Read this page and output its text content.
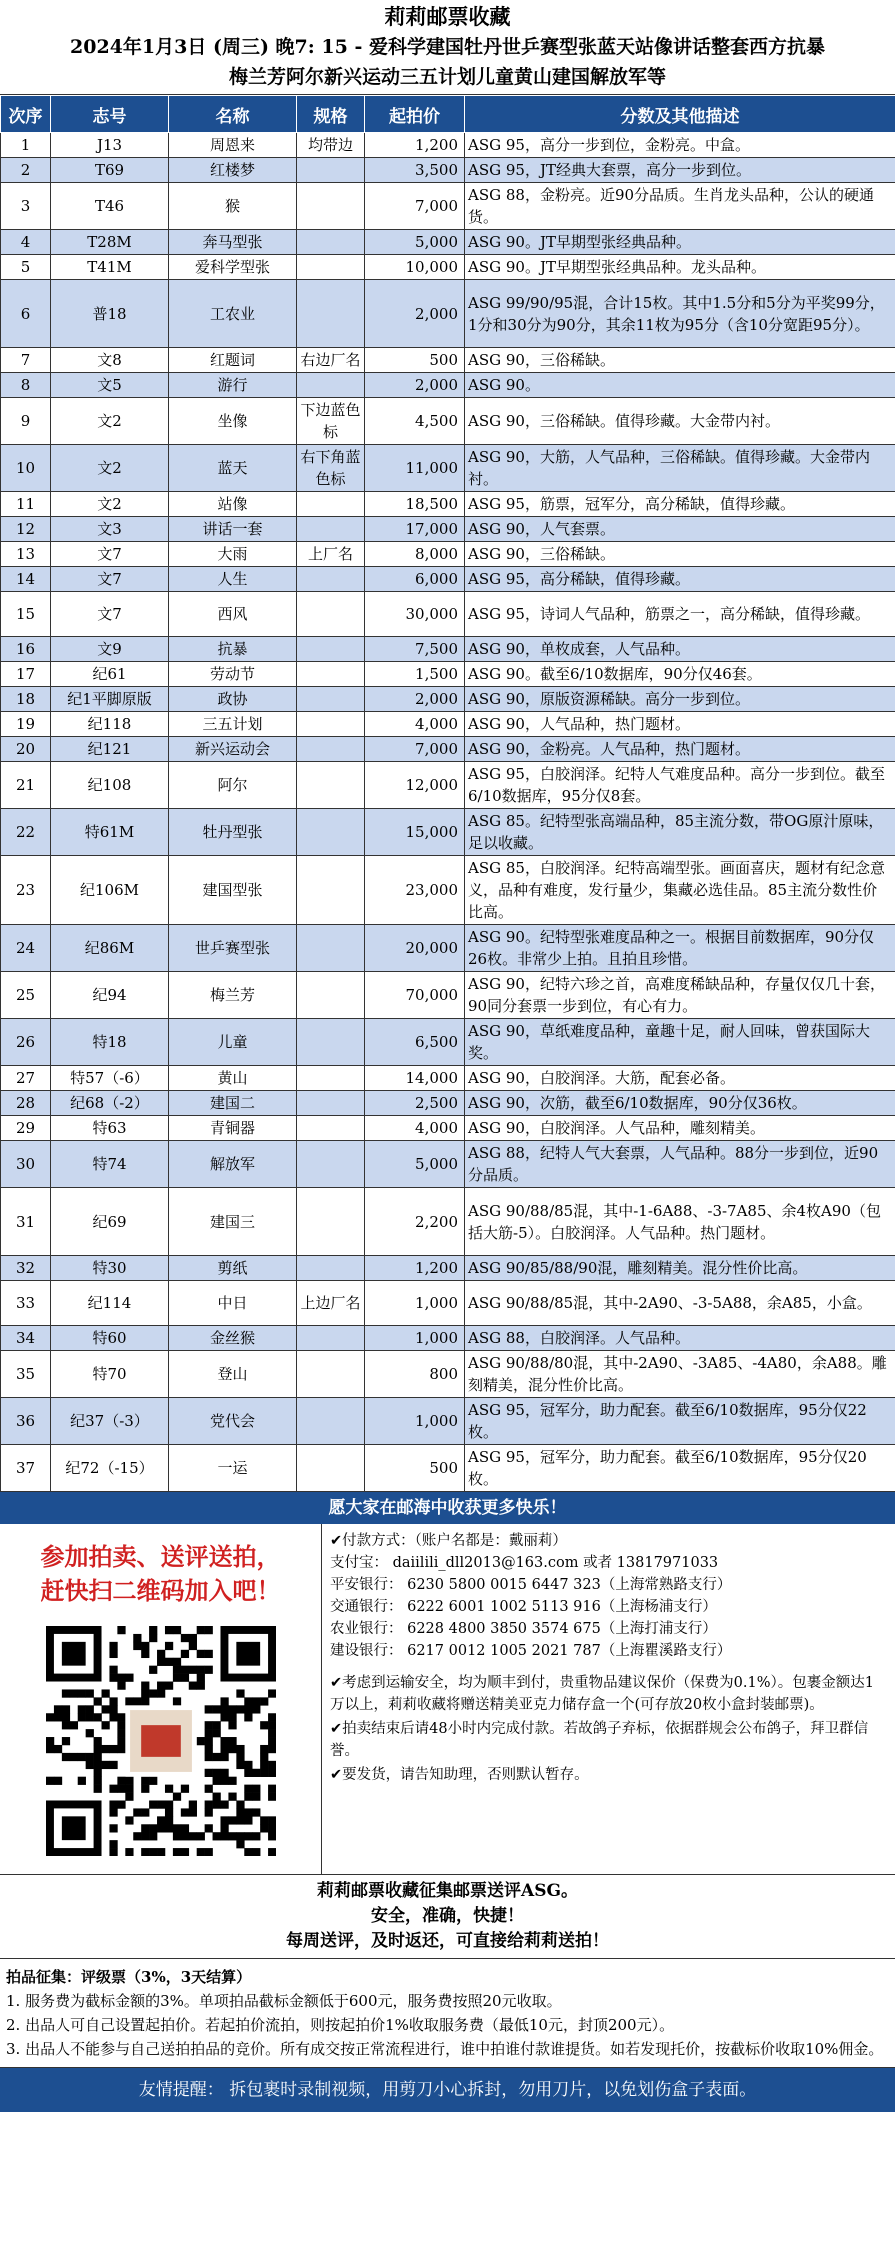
莉莉邮票收藏
2024年1月3日 (周三) 晚7: 15 - 爱科学建国牡丹世乒赛型张蓝天站像讲话整套西方抗暴
梅兰芳阿尔新兴运动三五计划儿童黄山建国解放军等
次序	志号	名称	规格	起拍价	分数及其他描述
1	J13	周恩来	均带边	1,200	ASG 95，高分一步到位，金粉亮。中盒。
2	T69	红楼梦		3,500	ASG 95，JT经典大套票，高分一步到位。
3	T46	猴		7,000	ASG 88，金粉亮。近90分品质。生肖龙头品种，公认的硬通货。
4	T28M	奔马型张		5,000	ASG 90。JT早期型张经典品种。
5	T41M	爱科学型张		10,000	ASG 90。JT早期型张经典品种。龙头品种。
6	普18	工农业		2,000	ASG 99/90/95混，合计15枚。其中1.5分和5分为平奖99分，1分和30分为90分，其余11枚为95分（含10分宽距95分）。
7	文8	红题词	右边厂名	500	ASG 90，三俗稀缺。
8	文5	游行		2,000	ASG 90。
9	文2	坐像	下边蓝色标	4,500	ASG 90，三俗稀缺。值得珍藏。大金带内衬。
10	文2	蓝天	右下角蓝色标	11,000	ASG 90，大筋，人气品种，三俗稀缺。值得珍藏。大金带内衬。
11	文2	站像		18,500	ASG 95，筋票，冠军分，高分稀缺，值得珍藏。
12	文3	讲话一套		17,000	ASG 90，人气套票。
13	文7	大雨	上厂名	8,000	ASG 90，三俗稀缺。
14	文7	人生		6,000	ASG 95，高分稀缺，值得珍藏。
15	文7	西风		30,000	ASG 95，诗词人气品种，筋票之一，高分稀缺，值得珍藏。
16	文9	抗暴		7,500	ASG 90，单枚成套，人气品种。
17	纪61	劳动节		1,500	ASG 90。截至6/10数据库，90分仅46套。
18	纪1平脚原版	政协		2,000	ASG 90，原版资源稀缺。高分一步到位。
19	纪118	三五计划		4,000	ASG 90，人气品种，热门题材。
20	纪121	新兴运动会		7,000	ASG 90，金粉亮。人气品种，热门题材。
21	纪108	阿尔		12,000	ASG 95，白胶润泽。纪特人气难度品种。高分一步到位。截至6/10数据库，95分仅8套。
22	特61M	牡丹型张		15,000	ASG 85。纪特型张高端品种，85主流分数，带OG原汁原味，足以收藏。
23	纪106M	建国型张		23,000	ASG 85，白胶润泽。纪特高端型张。画面喜庆，题材有纪念意义，品种有难度，发行量少，集藏必选佳品。85主流分数性价比高。
24	纪86M	世乒赛型张		20,000	ASG 90。纪特型张难度品种之一。根据目前数据库，90分仅26枚。非常少上拍。且拍且珍惜。
25	纪94	梅兰芳		70,000	ASG 90，纪特六珍之首，高难度稀缺品种，存量仅仅几十套，90同分套票一步到位，有心有力。
26	特18	儿童		6,500	ASG 90，草纸难度品种，童趣十足，耐人回味，曾获国际大奖。
27	特57（-6）	黄山		14,000	ASG 90，白胶润泽。大筋，配套必备。
28	纪68（-2）	建国二		2,500	ASG 90，次筋，截至6/10数据库，90分仅36枚。
29	特63	青铜器		4,000	ASG 90，白胶润泽。人气品种，雕刻精美。
30	特74	解放军		5,000	ASG 88，纪特人气大套票，人气品种。88分一步到位，近90分品质。
31	纪69	建国三		2,200	ASG 90/88/85混，其中-1-6A88、-3-7A85、余4枚A90（包括大筋-5）。白胶润泽。人气品种。热门题材。
32	特30	剪纸		1,200	ASG 90/85/88/90混，雕刻精美。混分性价比高。
33	纪114	中日	上边厂名	1,000	ASG 90/88/85混，其中-2A90、-3-5A88，余A85，小盒。
34	特60	金丝猴		1,000	ASG 88，白胶润泽。人气品种。
35	特70	登山		800	ASG 90/88/80混，其中-2A90、-3A85、-4A80，余A88。雕刻精美，混分性价比高。
36	纪37（-3）	党代会		1,000	ASG 95，冠军分，助力配套。截至6/10数据库，95分仅22枚。
37	纪72（-15）	一运		500	ASG 95，冠军分，助力配套。截至6/10数据库，95分仅20枚。
愿大家在邮海中收获更多快乐！
参加拍卖、送评送拍，
赶快扫二维码加入吧！
✔付款方式：（账户名都是：戴丽莉）
支付宝： daiilili_dll2013@163.com 或者 13817971033
平安银行： 6230 5800 0015 6447 323（上海常熟路支行）
交通银行： 6222 6001 1002 5113 916（上海杨浦支行）
农业银行： 6228 4800 3850 3574 675（上海打浦支行）
建设银行： 6217 0012 1005 2021 787（上海瞿溪路支行）
✔考虑到运输安全，均为顺丰到付，贵重物品建议保价（保费为0.1%）。包裹金额达1万以上，莉莉收藏将赠送精美亚克力储存盒一个(可存放20枚小盒封装邮票)。
✔拍卖结束后请48小时内完成付款。若故鸽子弃标，依据群规会公布鸽子，拜卫群信誉。
✔要发货，请告知助理，否则默认暂存。
莉莉邮票收藏征集邮票送评ASG。
安全，准确，快捷！
每周送评，及时返还，可直接给莉莉送拍！
拍品征集：评级票（3%，3天结算）
1. 服务费为截标金额的3%。单项拍品截标金额低于600元，服务费按照20元收取。
2. 出品人可自己设置起拍价。若起拍价流拍，则按起拍价1%收取服务费（最低10元，封顶200元）。
3. 出品人不能参与自己送拍拍品的竞价。所有成交按正常流程进行，谁中拍谁付款谁提货。如若发现托价，按截标价收取10%佣金。
友情提醒： 拆包裹时录制视频，用剪刀小心拆封，勿用刀片，以免划伤盒子表面。
